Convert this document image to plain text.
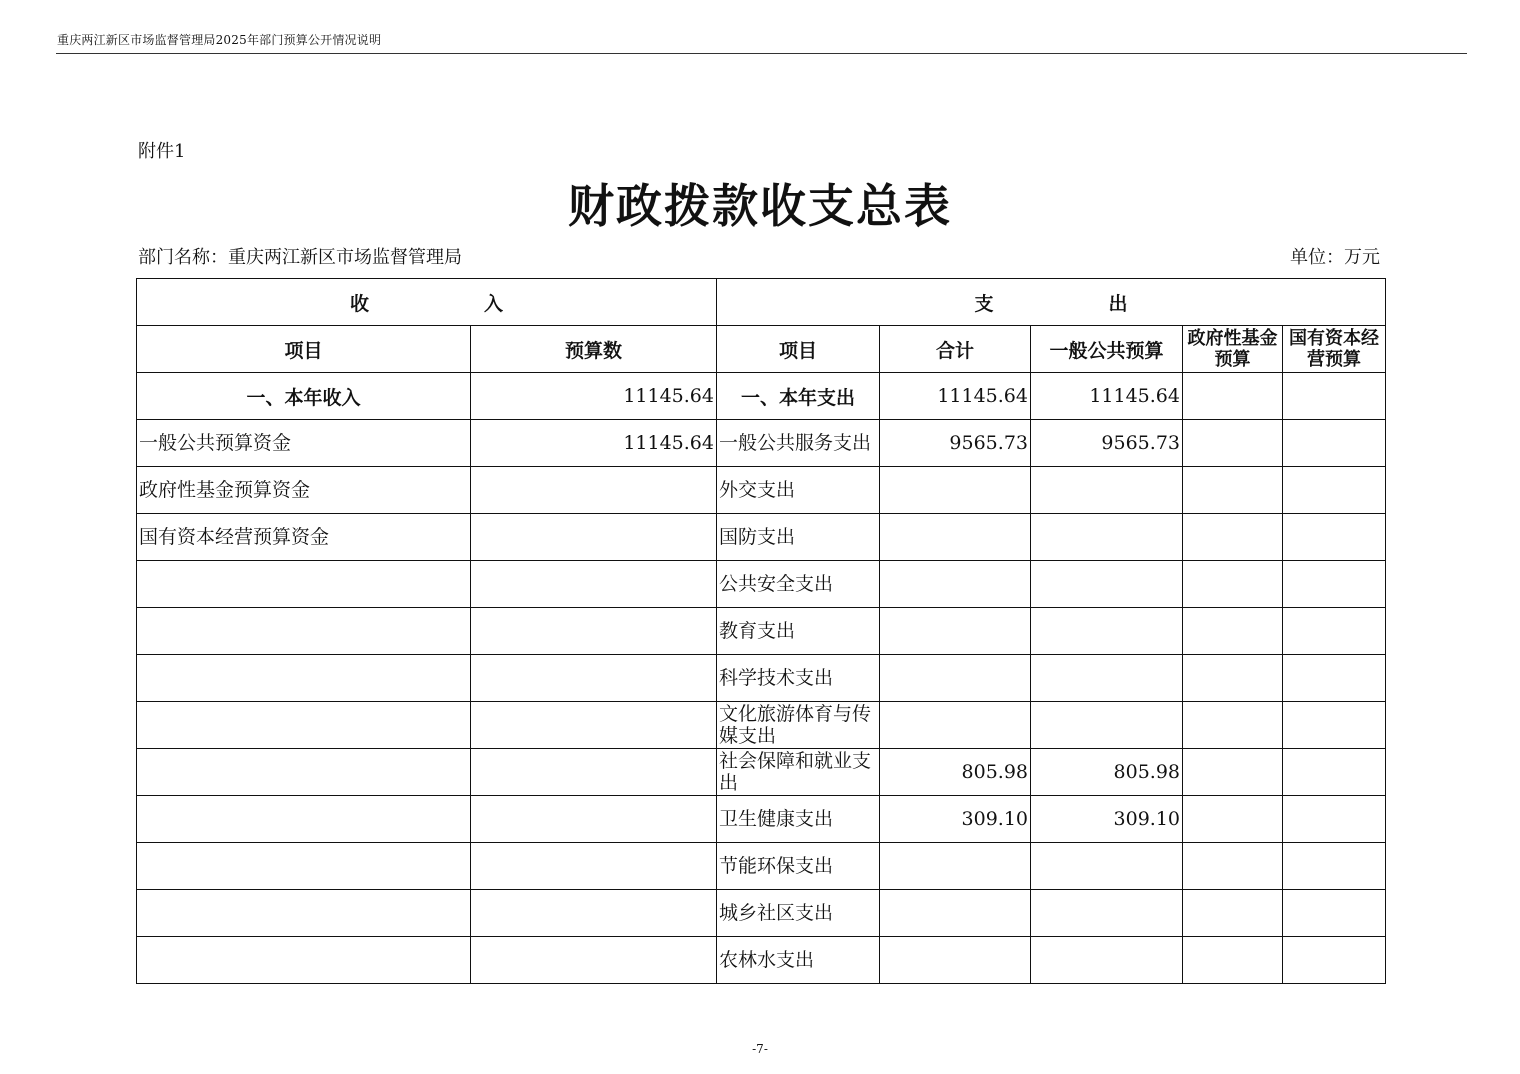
重庆两江新区市场监督管理局2025年部门预算公开情况说明
附件1
财政拨款收支总表
部门名称：重庆两江新区市场监督管理局	单位：万元
收 入		支 出				
项目	预算数	项目	合计	一般公共预算	政府性基金预算	国有资本经营预算
一、本年收入	11145.64	一、本年支出	11145.64	11145.64		
一般公共预算资金	11145.64	一般公共服务支出	9565.73	9565.73		
政府性基金预算资金		外交支出				
国有资本经营预算资金		国防支出				
		公共安全支出				
		教育支出				
		科学技术支出				
		文化旅游体育与传媒支出				
		社会保障和就业支出	805.98	805.98		
		卫生健康支出	309.10	309.10		
		节能环保支出				
		城乡社区支出				
		农林水支出				
-7-
